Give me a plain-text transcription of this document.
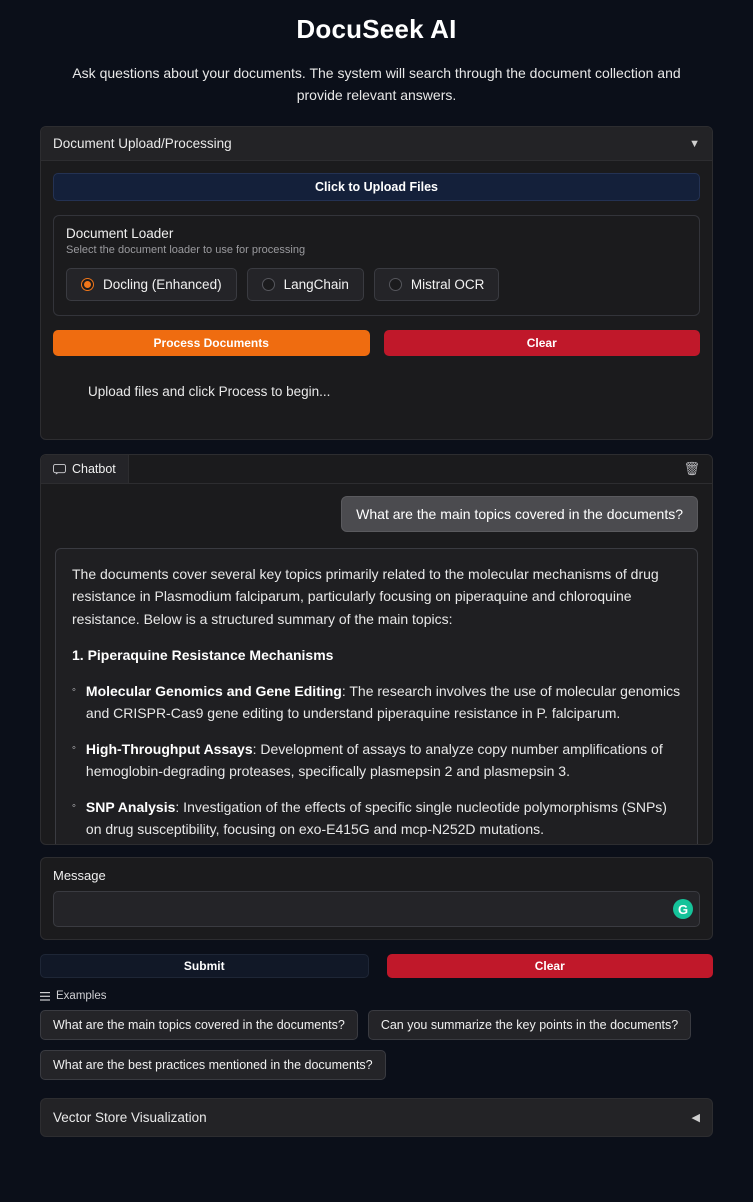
DocuSeek AI
Ask questions about your documents. The system will search through the document collection and provide relevant answers.
Document Upload/Processing	▼
Click to Upload Files
Document Loader
Select the document loader to use for processing
Docling (Enhanced)	LangChain	Mistral OCR
Process Documents	Clear
Upload files and click Process to begin...
Chatbot	🗑
What are the main topics covered in the documents?

The documents cover several key topics primarily related to the molecular mechanisms of drug resistance in Plasmodium falciparum, particularly focusing on piperaquine and chloroquine resistance. Below is a structured summary of the main topics:

1. Piperaquine Resistance Mechanisms

◦ Molecular Genomics and Gene Editing: The research involves the use of molecular genomics and CRISPR-Cas9 gene editing to understand piperaquine resistance in P. falciparum.
◦ High-Throughput Assays: Development of assays to analyze copy number amplifications of hemoglobin-degrading proteases, specifically plasmepsin 2 and plasmepsin 3.
◦ SNP Analysis: Investigation of the effects of specific single nucleotide polymorphisms (SNPs) on drug susceptibility, focusing on exo-E415G and mcp-N252D mutations.
Message
G
Submit	Clear
Examples
What are the main topics covered in the documents?	Can you summarize the key points in the documents?
What are the best practices mentioned in the documents?
Vector Store Visualization	◀
